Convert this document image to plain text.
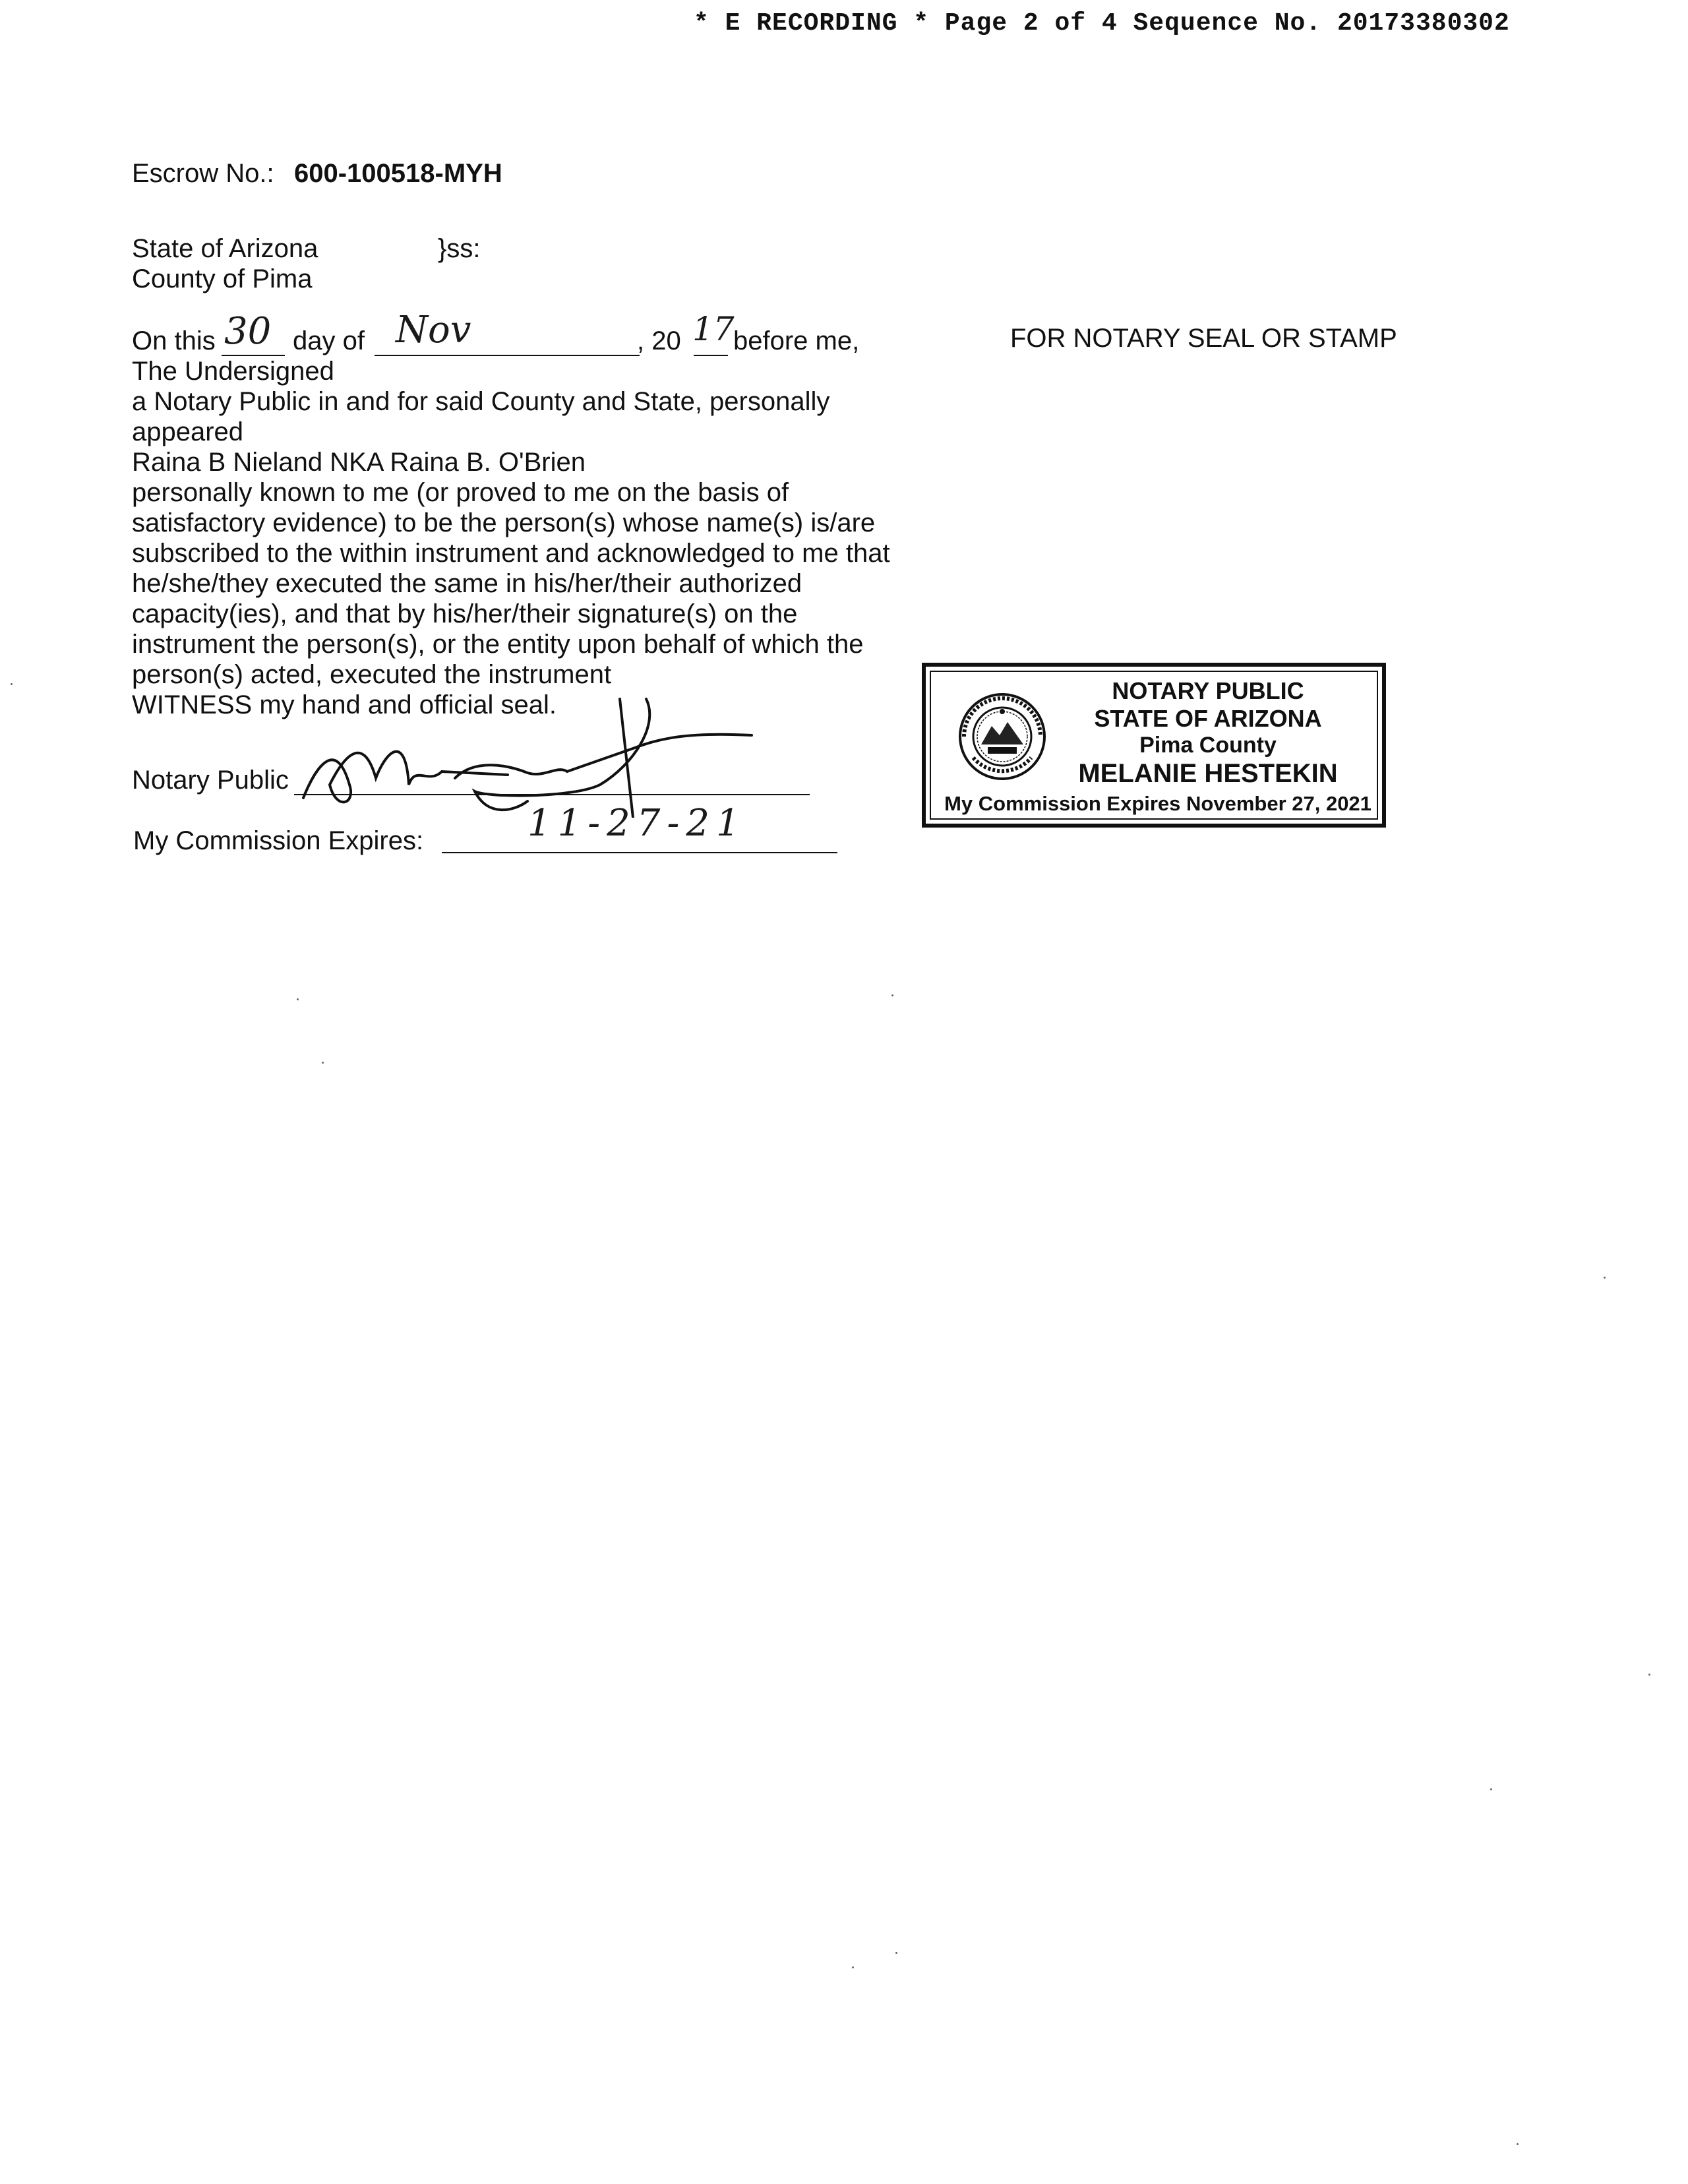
* E RECORDING * Page 2 of 4 Sequence No. 20173380302
Escrow No.: 600-100518-MYH
State of Arizona	}ss:
County of Pima
On this 30 day of Nov	, 20 17
before me,
The Undersigned
a Notary Public in and for said County and State, personally
appeared
Raina B Nieland NKA Raina B. O'Brien
personally known to me (or proved to me on the basis of
satisfactory evidence) to be the person(s) whose name(s) is/are
subscribed to the within instrument and acknowledged to me that
he/she/they executed the same in his/her/their authorized
capacity(ies), and that by his/her/their signature(s) on the
instrument the person(s), or the entity upon behalf of which the
person(s) acted, executed the instrument
WITNESS my hand and official seal.
Notary Public
My Commission Expires:	11-27-21
FOR NOTARY SEAL OR STAMP
NOTARY PUBLIC
STATE OF ARIZONA
Pima County
MELANIE HESTEKIN
My Commission Expires November 27, 2021
